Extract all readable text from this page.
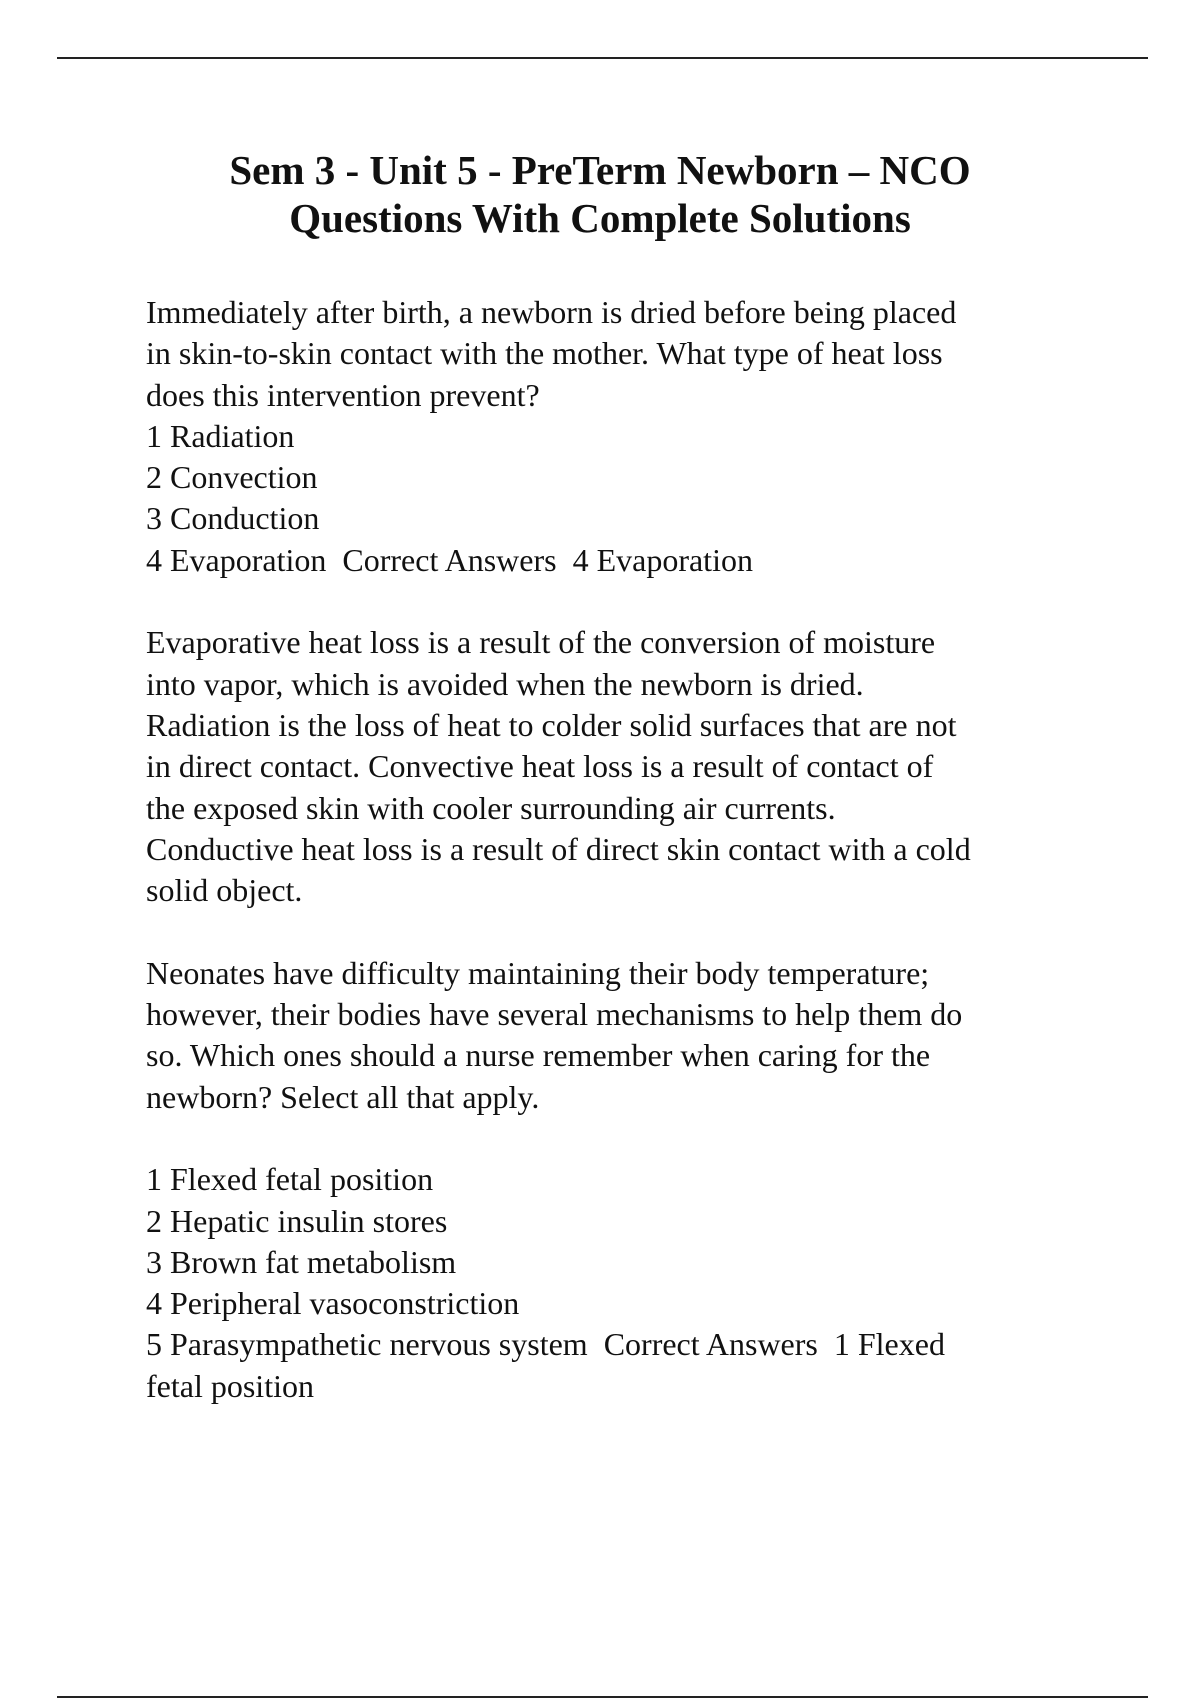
Sem 3 - Unit 5 - PreTerm Newborn – NCO
Questions With Complete Solutions
Immediately after birth, a newborn is dried before being placed
in skin-to-skin contact with the mother. What type of heat loss
does this intervention prevent?
1 Radiation
2 Convection
3 Conduction
4 Evaporation  Correct Answers  4 Evaporation
Evaporative heat loss is a result of the conversion of moisture
into vapor, which is avoided when the newborn is dried.
Radiation is the loss of heat to colder solid surfaces that are not
in direct contact. Convective heat loss is a result of contact of
the exposed skin with cooler surrounding air currents.
Conductive heat loss is a result of direct skin contact with a cold
solid object.
Neonates have difficulty maintaining their body temperature;
however, their bodies have several mechanisms to help them do
so. Which ones should a nurse remember when caring for the
newborn? Select all that apply.
1 Flexed fetal position
2 Hepatic insulin stores
3 Brown fat metabolism
4 Peripheral vasoconstriction
5 Parasympathetic nervous system  Correct Answers  1 Flexed
fetal position
